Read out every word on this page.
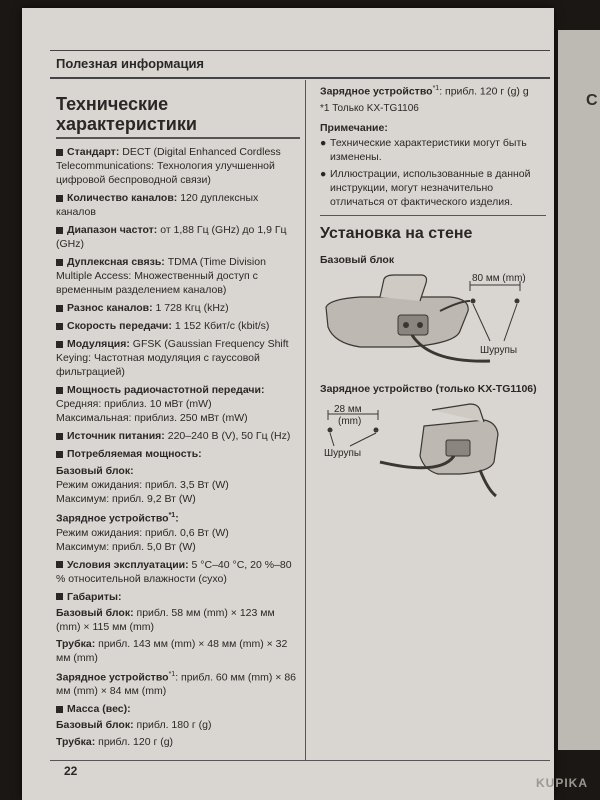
Полезная информация
Технические характеристики

Стандарт: DECT (Digital Enhanced Cordless Telecommunications: Технология улучшенной цифровой беспроводной связи)

Количество каналов: 120 дуплексных каналов

Диапазон частот: от 1,88 Гц (GHz) до 1,9 Гц (GHz)

Дуплексная связь: TDMA (Time Division Multiple Access: Множественный доступ с временным разделением каналов)

Разнос каналов: 1 728 Кгц (kHz)

Скорость передачи: 1 152 Кбит/с (kbit/s)

Модуляция: GFSK (Gaussian Frequency Shift Keying: Частотная модуляция с гауссовой фильтрацией)

Мощность радиочастотной передачи:

Средняя: приблиз. 10 мВт (mW)

Максимальная: приблиз. 250 мВт (mW)

Источник питания: 220–240 В (V), 50 Гц (Hz)

Потребляемая мощность:

Базовый блок:

Режим ожидания: прибл. 3,5 Вт (W)

Максимум: прибл. 9,2 Вт (W)

Зарядное устройство$^{*1}$:

Режим ожидания: прибл. 0,6 Вт (W)

Максимум: прибл. 5,0 Вт (W)

Условия эксплуатации: 5 °C–40 °C, 20 %–80 % относительной влажности (сухо)

Габариты:

Базовый блок: прибл. 58 мм (mm) × 123 мм (mm) × 115 мм (mm)

Трубка: прибл. 143 мм (mm) × 48 мм (mm) × 32 мм (mm)

Зарядное устройство$^{*1}$: прибл. 60 мм (mm) × 86 мм (mm) × 84 мм (mm)

Масса (вес):

Базовый блок: прибл. 180 г (g)

Трубка: прибл. 120 г (g)

Зарядное устройство$^{*1}$: прибл. 120 г (g) g

*1 Только KX-TG1106

Примечание:

● Технические характеристики могут быть изменены.

● Иллюстрации, использованные в данной инструкции, могут незначительно отличаться от фактического изделия.

Установка на стене

Базовый блок

80 мм (mm)
Шурупы

Зарядное устройство (только KX-TG1106)

28 мм
(mm)
Шурупы
22
С
KUPIKA
